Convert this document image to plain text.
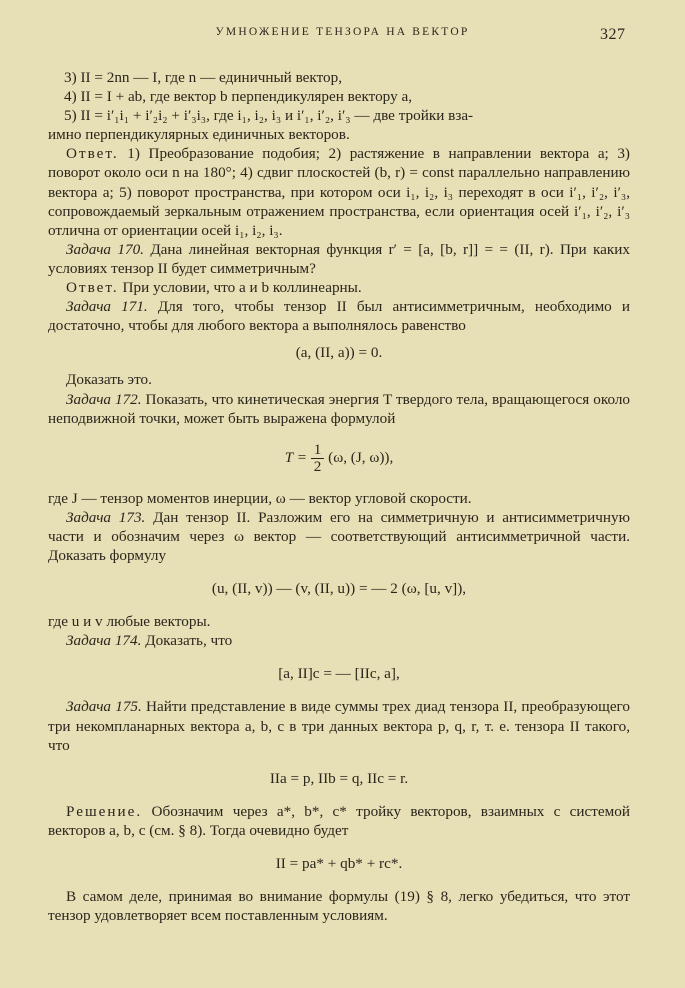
УМНОЖЕНИЕ ТЕНЗОРА НА ВЕКТОР	327

3) II = 2nn — I, где n — единичный вектор,

4) II = I + ab, где вектор b перпендикулярен вектору a,

5) II = i′₁i₁ + i′₂i₂ + i′₃i₃, где i₁, i₂, i₃ и i′₁, i′₂, i′₃ — две тройки вза-

имно перпендикулярных единичных векторов.

Ответ. 1) Преобразование подобия; 2) растяжение в направлении вектора a; 3) поворот около оси n на 180°; 4) сдвиг плоскостей (b, r) = const параллельно направлению вектора a; 5) поворот пространства, при котором оси i₁, i₂, i₃ переходят в оси i′₁, i′₂, i′₃, сопровождаемый зеркальным отражением пространства, если ориентация осей i′₁, i′₂, i′₃ отлична от ориентации осей i₁, i₂, i₃.

Задача 170. Дана линейная векторная функция r′ = [a, [b, r]] = = (II, r). При каких условиях тензор II будет симметричным?

Ответ. При условии, что a и b коллинеарны.

Задача 171. Для того, чтобы тензор II был антисимметричным, необходимо и достаточно, чтобы для любого вектора a выполнялось равенство

(a, (II, a)) = 0.

Доказать это.

Задача 172. Показать, что кинетическая энергия T твердого тела, вращающегося около неподвижной точки, может быть выражена формулой

$T = \frac{1}{2} (\omega$, (J, ω)),

где J — тензор моментов инерции, ω — вектор угловой скорости.

Задача 173. Дан тензор II. Разложим его на симметричную и антисимметричную части и обозначим через ω вектор — соответствующий антисимметричной части. Доказать формулу

(u, (II, v)) — (v, (II, u)) = — 2 (ω, [u, v]),

где u и v любые векторы.

Задача 174. Доказать, что

[a, II]c = — [IIc, a],

Задача 175. Найти представление в виде суммы трех диад тензора II, преобразующего три некомпланарных вектора a, b, c в три данных вектора p, q, r, т. е. тензора II такого, что

IIa = p, IIb = q, IIc = r.

Решение. Обозначим через a*, b*, c* тройку векторов, взаимных с системой векторов a, b, c (см. § 8). Тогда очевидно будет

II = pa* + qb* + rc*.

В самом деле, принимая во внимание формулы (19) § 8, легко убедиться, что этот тензор удовлетворяет всем поставленным условиям.
